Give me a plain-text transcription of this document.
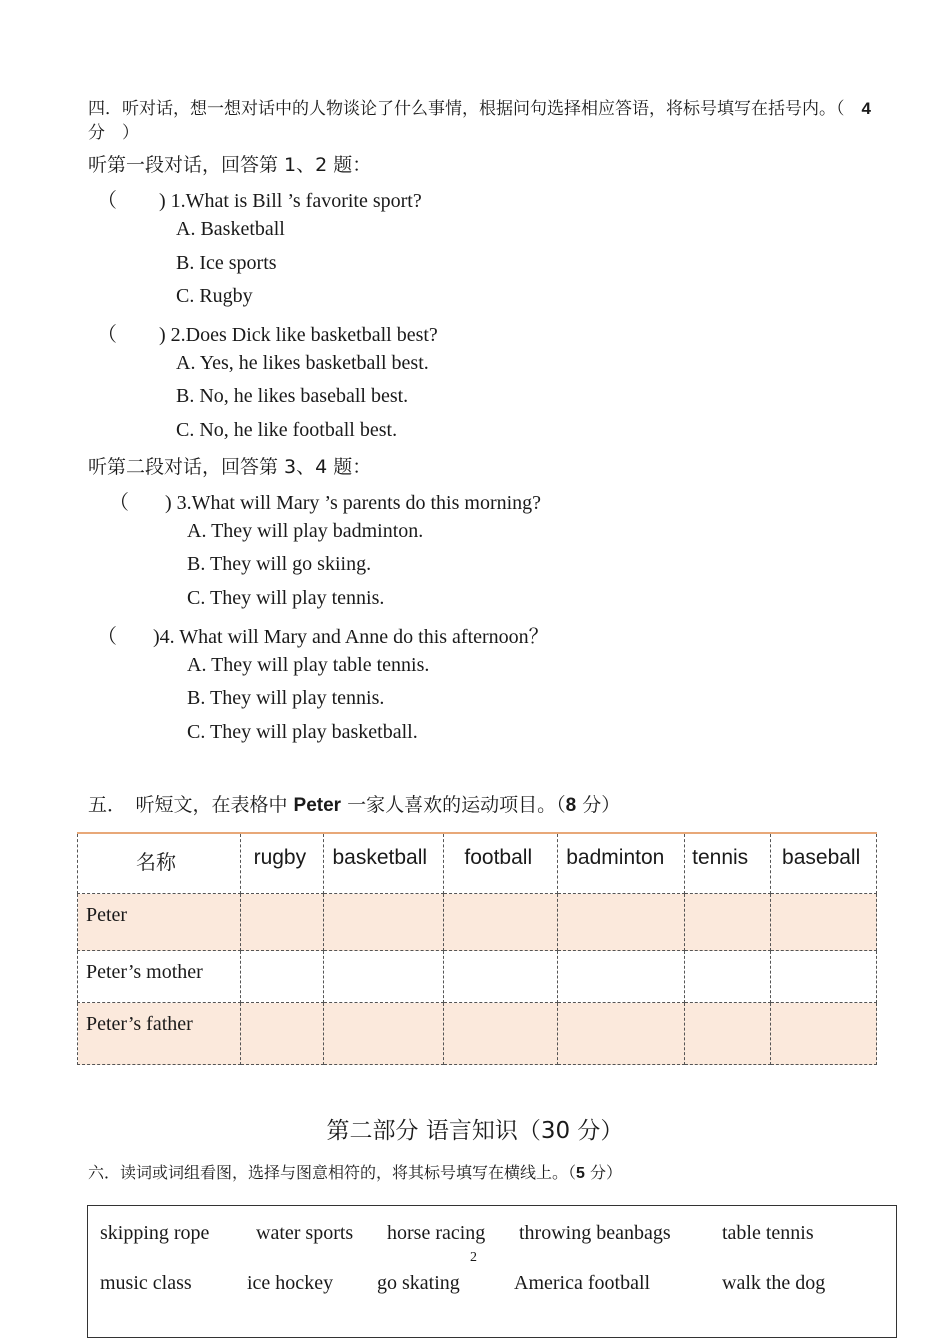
四．听对话，想一想对话中的人物谈论了什么事情，根据问句选择相应答语，将标号填写在括号内。（　 4 分　）
听第一段对话，回答第 1、2 题：
（ ) 1.What is Bill ’s favorite sport?
A. Basketball
B. Ice sports
C. Rugby
（ ) 2.Does Dick like basketball best?
A. Yes, he likes basketball best.
B. No, he likes baseball best.
C. No, he like football best.
听第二段对话，回答第 3、4 题：
（ ) 3.What will Mary ’s parents do this morning?
A. They will play badminton.
B. They will go skiing.
C. They will play tennis.
（ )4. What will Mary and Anne do this afternoon？
A. They will play table tennis.
B. They will play tennis.
C. They will play basketball.
五．　听短文，在表格中 Peter 一家人喜欢的运动项目。（8 分）
名称	rugby	basketball	football	badminton	tennis	baseball
Peter						
Peter’s mother						
Peter’s father						
第二部分 语言知识（30 分）
六．读词或词组看图，选择与图意相符的，将其标号填写在横线上。（5 分）
skipping rope water sports horse racing throwing beanbags	table tennis
music class	ice hockey go skating	America football	walk the dog
2
